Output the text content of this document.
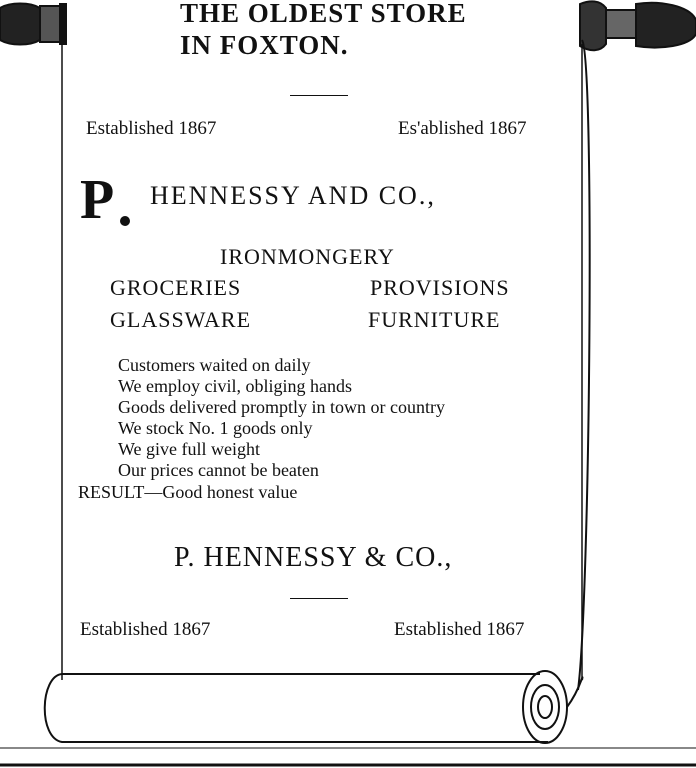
THE OLDEST STORE
IN FOXTON.
Established 1867	Es'ablished 1867
P HENNESSY AND CO.,
IRONMONGERY
GROCERIES	PROVISIONS
GLASSWARE	FURNITURE
Customers waited on daily
We employ civil, obliging hands
Goods delivered promptly in town or country
We stock No. 1 goods only
We give full weight
Our prices cannot be beaten
RESULT—Good honest value
P. HENNESSY & CO.,
Established 1867	Established 1867
